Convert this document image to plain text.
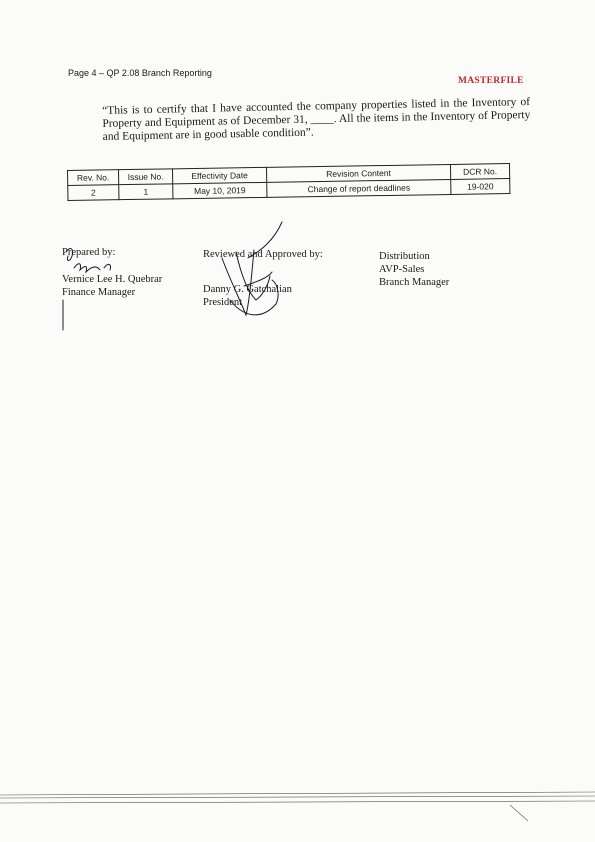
Page 4 – QP 2.08 Branch Reporting
MASTERFILE
“This is to certify that I have accounted the company properties listed in the Inventory of Property and Equipment as of December 31, ____. All the items in the Inventory of Property and Equipment are in good usable condition”.
Rev. No.	Issue No.	Effectivity Date	Revision Content	DCR No.
2	1	May 10, 2019	Change of report deadlines	19-020
Prepared by:
Vernice Lee H. Quebrar
Finance Manager
Reviewed and Approved by:
Danny G. Gatchalian
President
Distribution
AVP-Sales
Branch Manager
